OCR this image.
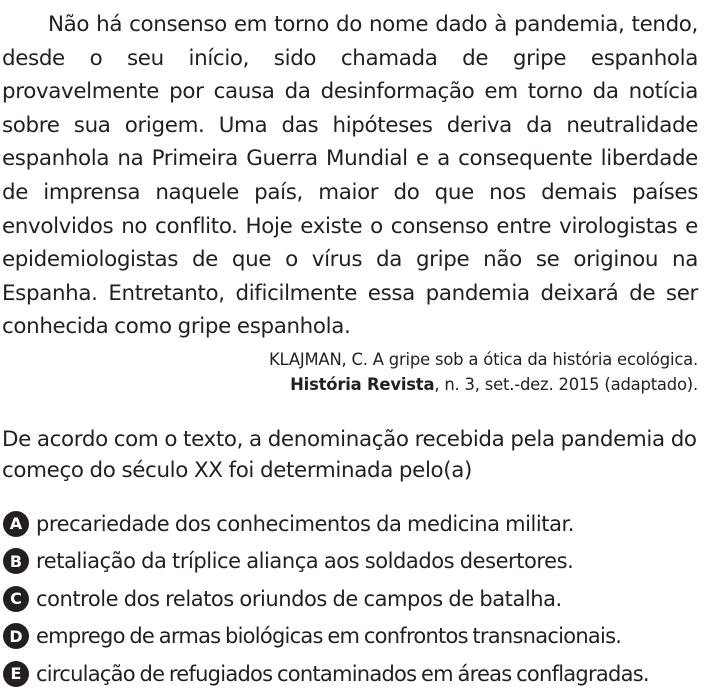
Não há consenso em torno do nome dado à pandemia, tendo, desde o seu início, sido chamada de gripe espanhola provavelmente por causa da desinformação em torno da notícia sobre sua origem. Uma das hipóteses deriva da neutralidade espanhola na Primeira Guerra Mundial e a consequente liberdade de imprensa naquele país, maior do que nos demais países envolvidos no conflito. Hoje existe o consenso entre virologistas e epidemiologistas de que o vírus da gripe não se originou na Espanha. Entretanto, dificilmente essa pandemia deixará de ser conhecida como gripe espanhola.

KLAJMAN, C. A gripe sob a ótica da história ecológica.
História Revista, n. 3, set.-dez. 2015 (adaptado).

De acordo com o texto, a denominação recebida pela pandemia do começo do século XX foi determinada pelo(a)

A precariedade dos conhecimentos da medicina militar.
B retaliação da tríplice aliança aos soldados desertores.
C controle dos relatos oriundos de campos de batalha.
D emprego de armas biológicas em confrontos transnacionais.
E circulação de refugiados contaminados em áreas conflagradas.
